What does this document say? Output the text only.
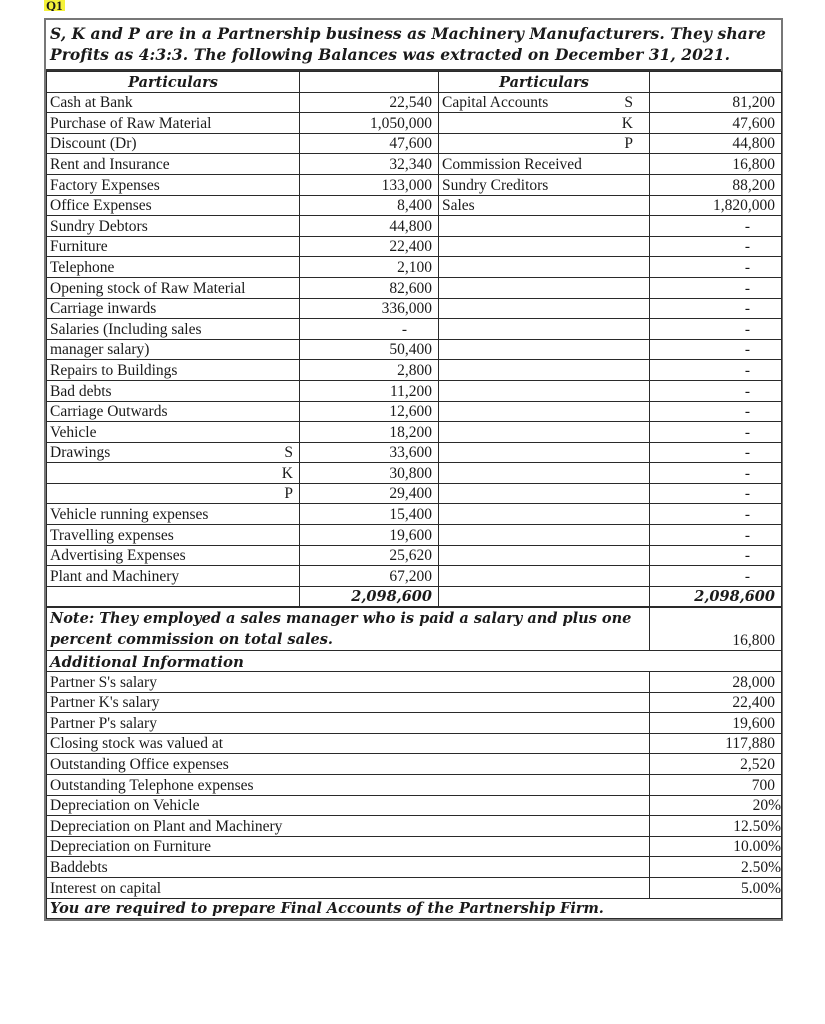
Q1
S, K and P are in a Partnership business as Machinery Manufacturers. They share Profits as 4:3:3. The following Balances was extracted on December 31, 2021.
Particulars		Particulars	
Cash at Bank	22,540	Capital Accounts S	81,200
Purchase of Raw Material	1,050,000	K	47,600
Discount (Dr)	47,600	P	44,800
Rent and Insurance	32,340	Commission Received	16,800
Factory Expenses	133,000	Sundry Creditors	88,200
Office Expenses	8,400	Sales	1,820,000
Sundry Debtors	44,800		-
Furniture	22,400		-
Telephone	2,100		-
Opening stock of Raw Material	82,600		-
Carriage inwards	336,000		-
Salaries (Including sales	-		-
manager salary)	50,400		-
Repairs to Buildings	2,800		-
Bad debts	11,200		-
Carriage Outwards	12,600		-
Vehicle	18,200		-
Drawings S	33,600		-

K	30,800		-

P	29,400		-
Vehicle running expenses	15,400		-
Travelling expenses	19,600		-
Advertising Expenses	25,620		-
Plant and Machinery	67,200		-
	2,098,600		2,098,600
Note: They employed a sales manager who is paid a salary and plus one percent commission on total sales.	16,800
Additional Information	
Partner S's salary	28,000
Partner K's salary	22,400
Partner P's salary	19,600
Closing stock was valued at	117,880
Outstanding Office expenses	2,520
Outstanding Telephone expenses	700
Depreciation on Vehicle	20%
Depreciation on Plant and Machinery	12.50%
Depreciation on Furniture	10.00%
Baddebts	2.50%
Interest on capital	5.00%
You are required to prepare Final Accounts of the Partnership Firm.	
